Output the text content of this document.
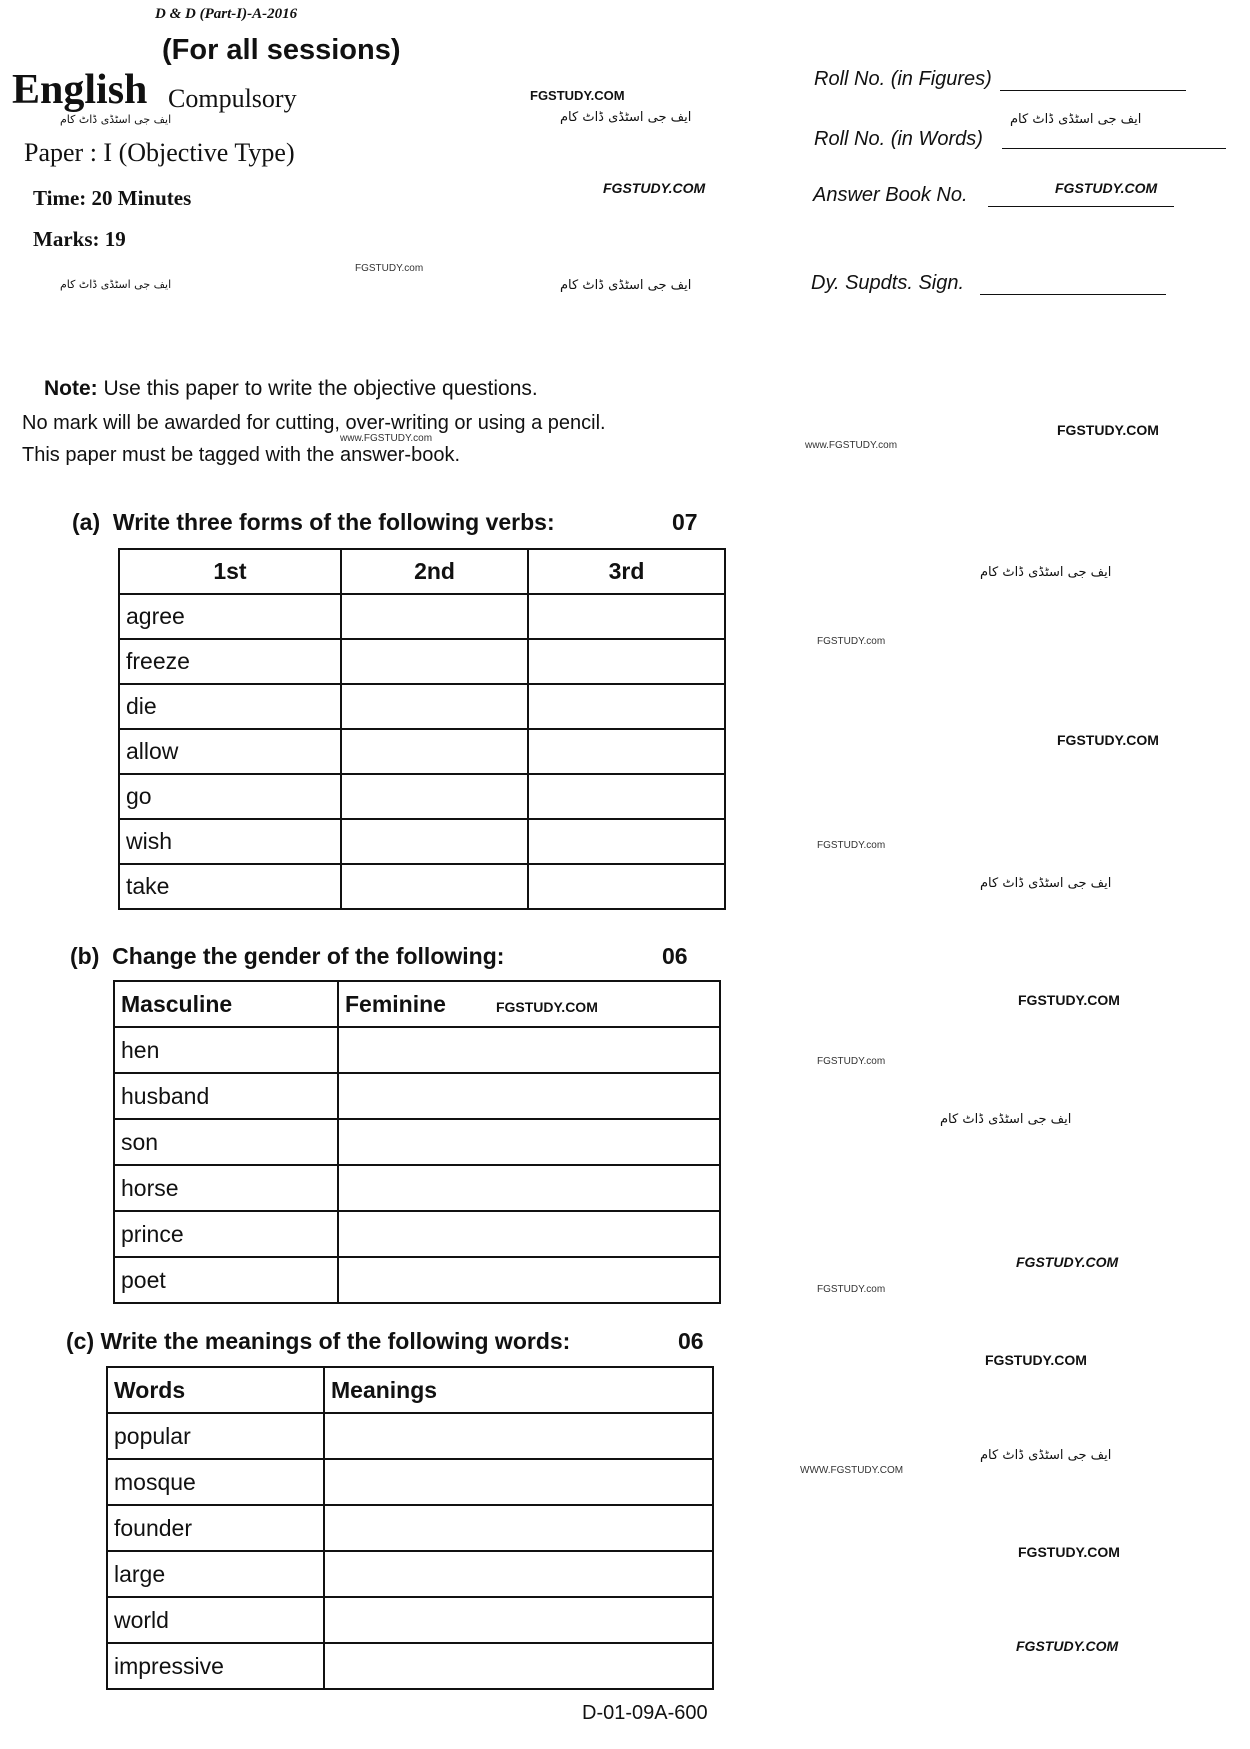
D & D (Part-I)-A-2016
(For all sessions)
English Compulsory
ایف جی اسٹڈی ڈاٹ کام
Paper : I (Objective Type)
Time: 20 Minutes
Marks: 19
ایف جی اسٹڈی ڈاٹ کام
FGSTUDY.COM
ایف جی اسٹڈی ڈاٹ کام
FGSTUDY.COM
FGSTUDY.com
ایف جی اسٹڈی ڈاٹ کام
Roll No. (in Figures)
ایف جی اسٹڈی ڈاٹ کام
Roll No. (in Words)
Answer Book No.	FGSTUDY.COM
Dy. Supdts. Sign.
Note: Use this paper to write the objective questions.
No mark will be awarded for cutting, over-writing or using a pencil.
This paper must be tagged with the answer-book.
www.FGSTUDY.com
www.FGSTUDY.com
FGSTUDY.COM
(a) Write three forms of the following verbs:	07
1st	2nd	3rd
agree		
freeze		
die		
allow		
go		
wish		
take		
ایف جی اسٹڈی ڈاٹ کام
FGSTUDY.com
FGSTUDY.COM
FGSTUDY.com
ایف جی اسٹڈی ڈاٹ کام
(b) Change the gender of the following:	06
Masculine	Feminine FGSTUDY.COM
hen	
husband	
son	
horse	
prince	
poet	
FGSTUDY.COM
FGSTUDY.com
ایف جی اسٹڈی ڈاٹ کام
FGSTUDY.COM
FGSTUDY.com
(c) Write the meanings of the following words:	06
FGSTUDY.COM
Words	Meanings
popular	
mosque	
founder	
large	
world	
impressive	
WWW.FGSTUDY.COM
ایف جی اسٹڈی ڈاٹ کام
FGSTUDY.COM
FGSTUDY.COM
D-01-09A-600
